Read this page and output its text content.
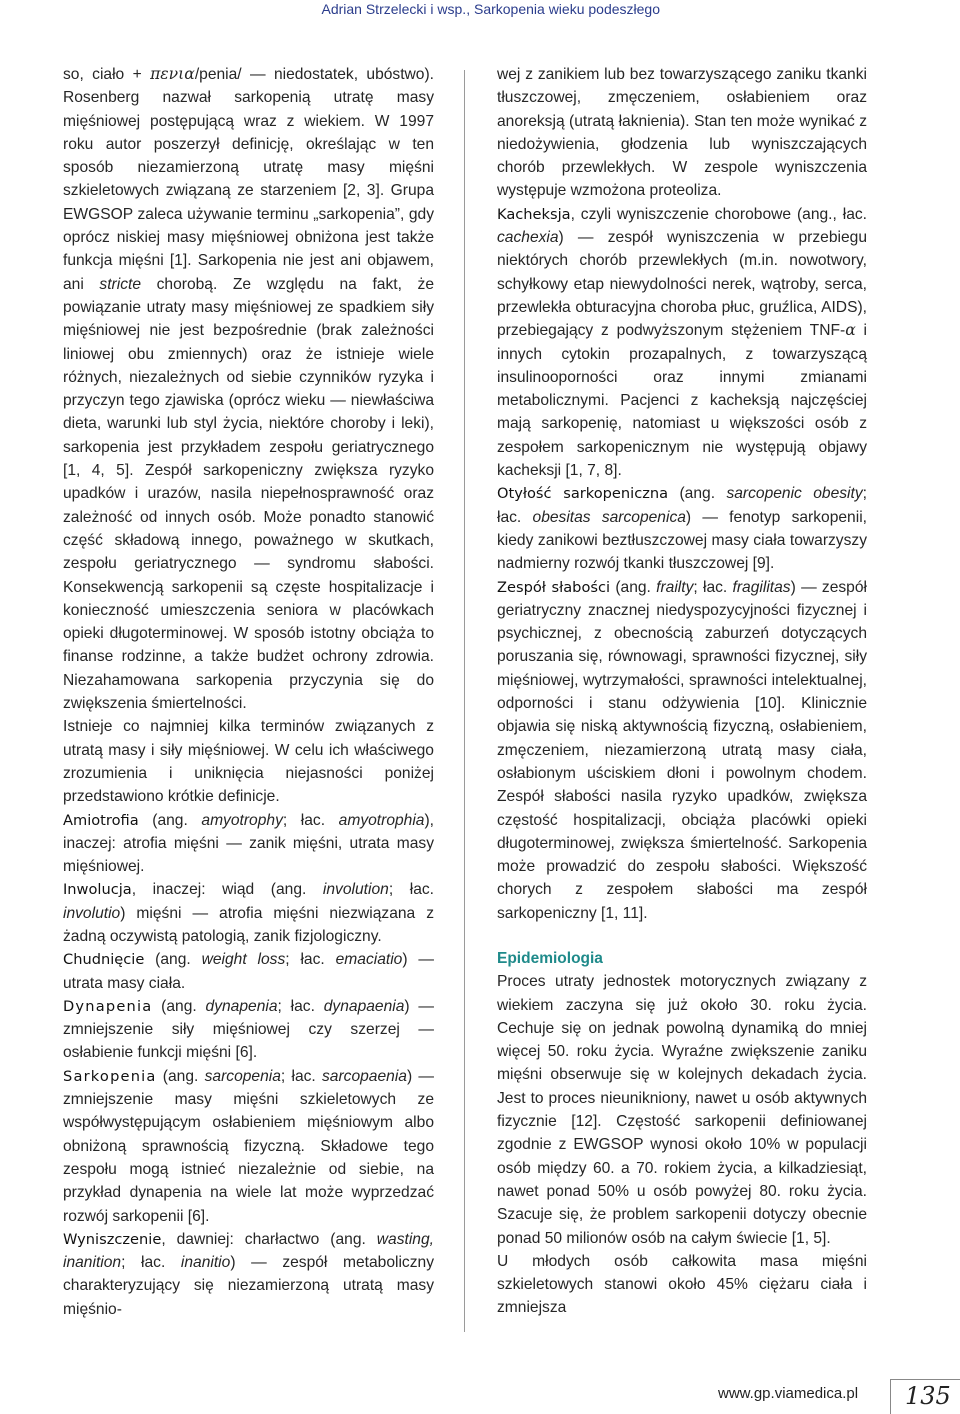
Adrian Strzelecki i wsp., Sarkopenia wieku podeszłego

so, ciało + πενια/penia/ — niedostatek, ubóstwo). Rosenberg nazwał sarkopenią utratę masy mięśniowej postępującą wraz z wiekiem. W 1997 roku autor poszerzył definicję, określając w ten sposób niezamierzoną utratę masy mięśni szkieletowych związaną ze starzeniem [2, 3]. Grupa EWGSOP zaleca używanie terminu „sarkopenia”, gdy oprócz niskiej masy mięśniowej obniżona jest także funkcja mięśni [1]. Sarkopenia nie jest ani objawem, ani stricte chorobą. Ze względu na fakt, że powiązanie utraty masy mięśniowej ze spadkiem siły mięśniowej nie jest bezpośrednie (brak zależności liniowej obu zmiennych) oraz że istnieje wiele różnych, niezależnych od siebie czynników ryzyka i przyczyn tego zjawiska (oprócz wieku — niewłaściwa dieta, warunki lub styl życia, niektóre choroby i leki), sarkopenia jest przykładem zespołu geriatrycznego [1, 4, 5]. Zespół sarkopeniczny zwiększa ryzyko upadków i urazów, nasila niepełnosprawność oraz zależność od innych osób. Może ponadto stanowić część składową innego, poważnego w skutkach, zespołu geriatrycznego — syndromu słabości. Konsekwencją sarkopenii są częste hospitalizacje i konieczność umieszczenia seniora w placówkach opieki długoterminowej. W sposób istotny obciąża to finanse rodzinne, a także budżet ochrony zdrowia. Niezahamowana sarkopenia przyczynia się do zwiększenia śmiertelności.

Istnieje co najmniej kilka terminów związanych z utratą masy i siły mięśniowej. W celu ich właściwego zrozumienia i uniknięcia niejasności poniżej przedstawiono krótkie definicje.

Amiotrofia (ang. amyotrophy; łac. amyotrophia), inaczej: atrofia mięśni — zanik mięśni, utrata masy mięśniowej.

Inwolucja, inaczej: wiąd (ang. involution; łac. involutio) mięśni — atrofia mięśni niezwiązana z żadną oczywistą patologią, zanik fizjologiczny.

Chudnięcie (ang. weight loss; łac. emaciatio) — utrata masy ciała.

Dynapenia (ang. dynapenia; łac. dynapaenia) — zmniejszenie siły mięśniowej czy szerzej — osłabienie funkcji mięśni [6].

Sarkopenia (ang. sarcopenia; łac. sarcopaenia) — zmniejszenie masy mięśni szkieletowych ze współwystępującym osłabieniem mięśniowym albo obniżoną sprawnością fizyczną. Składowe tego zespołu mogą istnieć niezależnie od siebie, na przykład dynapenia na wiele lat może wyprzedzać rozwój sarkopenii [6].

Wyniszczenie, dawniej: charłactwo (ang. wasting, inanition; łac. inanitio) — zespół metaboliczny charakteryzujący się niezamierzoną utratą masy mięśnio-

wej z zanikiem lub bez towarzyszącego zaniku tkanki tłuszczowej, zmęczeniem, osłabieniem oraz anoreksją (utratą łaknienia). Stan ten może wynikać z niedożywienia, głodzenia lub wyniszczających chorób przewlekłych. W zespole wyniszczenia występuje wzmożona proteoliza.

Kacheksja, czyli wyniszczenie chorobowe (ang., łac. cachexia) — zespół wyniszczenia w przebiegu niektórych chorób przewlekłych (m.in. nowotwory, schyłkowy etap niewydolności nerek, wątroby, serca, przewlekła obturacyjna choroba płuc, gruźlica, AIDS), przebiegający z podwyższonym stężeniem TNF-α i innych cytokin prozapalnych, z towarzyszącą insulinooporności oraz innymi zmianami metabolicznymi. Pacjenci z kacheksją najczęściej mają sarkopenię, natomiast u większości osób z zespołem sarkopenicznym nie występują objawy kacheksji [1, 7, 8].

Otyłość sarkopeniczna (ang. sarcopenic obesity; łac. obesitas sarcopenica) — fenotyp sarkopenii, kiedy zanikowi beztłuszczowej masy ciała towarzyszy nadmierny rozwój tkanki tłuszczowej [9].

Zespół słabości (ang. frailty; łac. fragilitas) — zespół geriatryczny znacznej niedyspozycyjności fizycznej i psychicznej, z obecnością zaburzeń dotyczących poruszania się, równowagi, sprawności fizycznej, siły mięśniowej, wytrzymałości, sprawności intelektualnej, odporności i stanu odżywienia [10]. Klinicznie objawia się niską aktywnością fizyczną, osłabieniem, zmęczeniem, niezamierzoną utratą masy ciała, osłabionym uściskiem dłoni i powolnym chodem. Zespół słabości nasila ryzyko upadków, zwiększa częstość hospitalizacji, obciąża placówki opieki długoterminowej, zwiększa śmiertelność. Sarkopenia może prowadzić do zespołu słabości. Większość chorych z zespołem słabości ma zespół sarkopeniczny [1, 11].

Epidemiologia

Proces utraty jednostek motorycznych związany z wiekiem zaczyna się już około 30. roku życia. Cechuje się on jednak powolną dynamiką do mniej więcej 50. roku życia. Wyraźne zwiększenie zaniku mięśni obserwuje się w kolejnych dekadach życia. Jest to proces nieunikniony, nawet u osób aktywnych fizycznie [12]. Częstość sarkopenii definiowanej zgodnie z EWGSOP wynosi około 10% w populacji osób między 60. a 70. rokiem życia, a kilkadziesiąt, nawet ponad 50% u osób powyżej 80. roku życia. Szacuje się, że problem sarkopenii dotyczy obecnie ponad 50 milionów osób na całym świecie [1, 5].

U młodych osób całkowita masa mięśni szkieletowych stanowi około 45% ciężaru ciała i zmniejsza

www.gp.viamedica.pl 135
